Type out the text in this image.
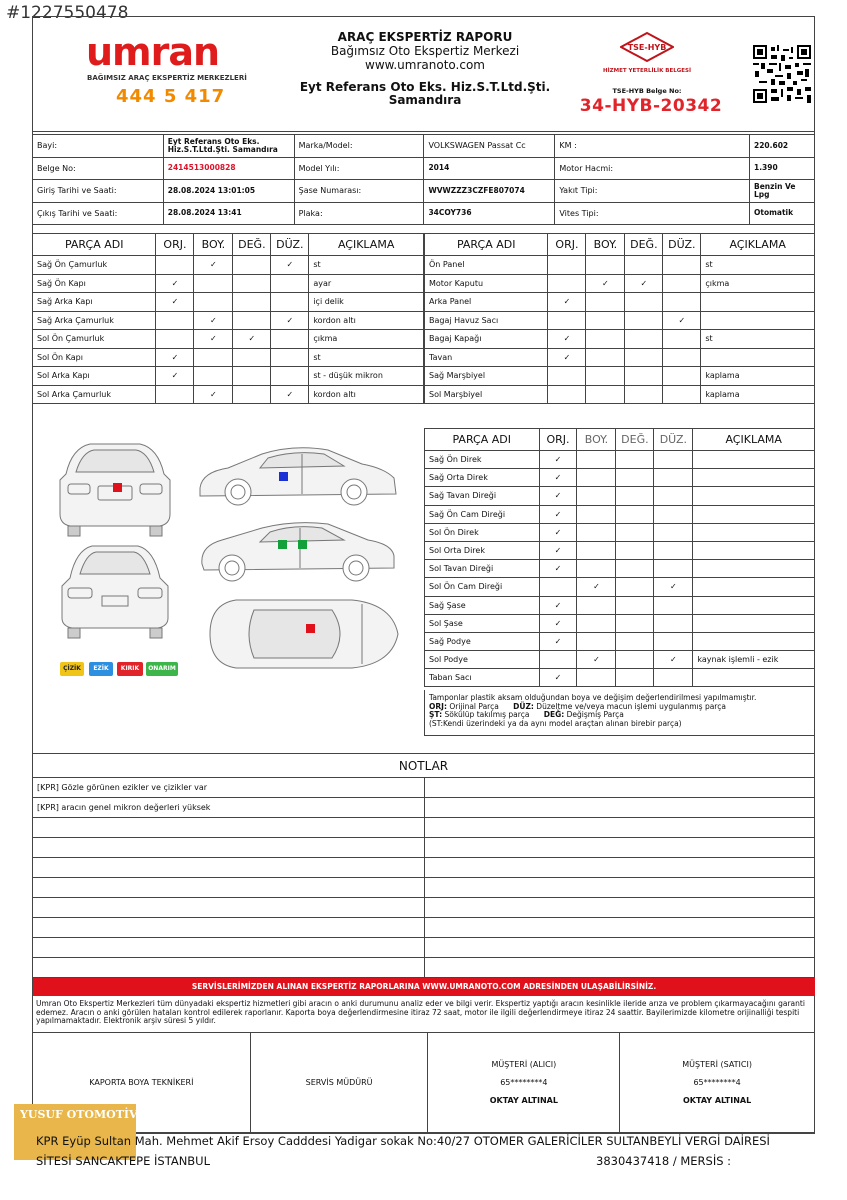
#1227550478
umran
BAĞIMSIZ ARAÇ EKSPERTİZ MERKEZLERİ
444 5 417
ARAÇ EKSPERTİZ RAPORU
Bağımsız Oto Ekspertiz Merkezi
www.umranoto.com
Eyt Referans Oto Eks. Hiz.S.T.Ltd.Şti. Samandıra
TSE-HYB
HİZMET YETERLİLİK BELGESİ
TSE-HYB Belge No:
34-HYB-20342
Bayi:	Eyt Referans Oto Eks. Hiz.S.T.Ltd.Şti. Samandıra	Marka/Model:	VOLKSWAGEN Passat Cc	KM :	220.602
Belge No:	2414513000828	Model Yılı:	2014	Motor Hacmi:	1.390
Giriş Tarihi ve Saati:	28.08.2024 13:01:05	Şase Numarası:	WVWZZZ3CZFE807074	Yakıt Tipi:	Benzin Ve Lpg
Çıkış Tarihi ve Saati:	28.08.2024 13:41	Plaka:	34COY736	Vites Tipi:	Otomatik
PARÇA ADI	ORJ.	BOY.	DEĞ.	DÜZ.	AÇIKLAMA
Sağ Ön Çamurluk		✓		✓	st
Sağ Ön Kapı	✓				ayar
Sağ Arka Kapı	✓				içi delik
Sağ Arka Çamurluk		✓		✓	kordon altı
Sol Ön Çamurluk		✓	✓		çıkma
Sol Ön Kapı	✓				st
Sol Arka Kapı	✓				st - düşük mikron
Sol Arka Çamurluk		✓		✓	kordon altı
PARÇA ADI	ORJ.	BOY.	DEĞ.	DÜZ.	AÇIKLAMA
Ön Panel					st
Motor Kaputu		✓	✓		çıkma
Arka Panel	✓				
Bagaj Havuz Sacı				✓	
Bagaj Kapağı	✓				st
Tavan	✓				
Sağ Marşbiyel					kaplama
Sol Marşbiyel					kaplama
PARÇA ADI	ORJ.	BOY.	DEĞ.	DÜZ.	AÇIKLAMA
Sağ Ön Direk	✓				
Sağ Orta Direk	✓				
Sağ Tavan Direği	✓				
Sağ Ön Cam Direği	✓				
Sol Ön Direk	✓				
Sol Orta Direk	✓				
Sol Tavan Direği	✓				
Sol Ön Cam Direği		✓		✓	
Sağ Şase	✓				
Sol Şase	✓				
Sağ Podye	✓				
Sol Podye		✓		✓	kaynak işlemli - ezik
Taban Sacı	✓				
Tamponlar plastik aksam olduğundan boya ve değişim değerlendirilmesi yapılmamıştır.
ORJ: Orijinal Parça DÜZ: Düzeltme ve/veya macun işlemi uygulanmış parça
ŞT: Sökülüp takılmış parça DEĞ: Değişmiş Parça
(ST:Kendi üzerindeki ya da aynı model araçtan alınan birebir parça)
ÇİZİK	EZİK	KIRIK	ONARIM
NOTLAR	
[KPR] Gözle görünen ezikler ve çizikler var	
[KPR] aracın genel mikron değerleri yüksek	

SERVİSLERİMİZDEN ALINAN EKSPERTİZ RAPORLARINA WWW.UMRANOTO.COM ADRESİNDEN ULAŞABİLİRSİNİZ.
Umran Oto Ekspertiz Merkezleri tüm dünyadaki ekspertiz hizmetleri gibi aracın o anki durumunu analiz eder ve bilgi verir. Ekspertiz yaptığı aracın kesinlikle ileride arıza ve problem çıkarmayacağını garanti edemez. Aracın o anki görülen hataları kontrol edilerek raporlanır. Kaporta boya değerlendirmesine itiraz 72 saat, motor ile ilgili değerlendirmeye itiraz 24 saattir. Bayilerimizde kilometre orijinalliği tespiti yapılmamaktadır. Elektronik arşiv süresi 5 yıldır.
KAPORTA BOYA TEKNİKERİ	SERVİS MÜDÜRÜ	
MÜŞTERİ (ALICI)
65********4
OKTAY ALTINAL

MÜŞTERİ (SATICI)
65********4
OKTAY ALTINAL
YUSUF OTOMOTİV
KPR Eyüp Sultan Mah. Mehmet Akif Ersoy Cadddesi Yadigar sokak No:40/27 OTOMER GALERİCİLER SULTANBEYLİ VERGİ DAİRESİ
SİTESİ SANCAKTEPE İSTANBUL	3830437418 / MERSİS :
